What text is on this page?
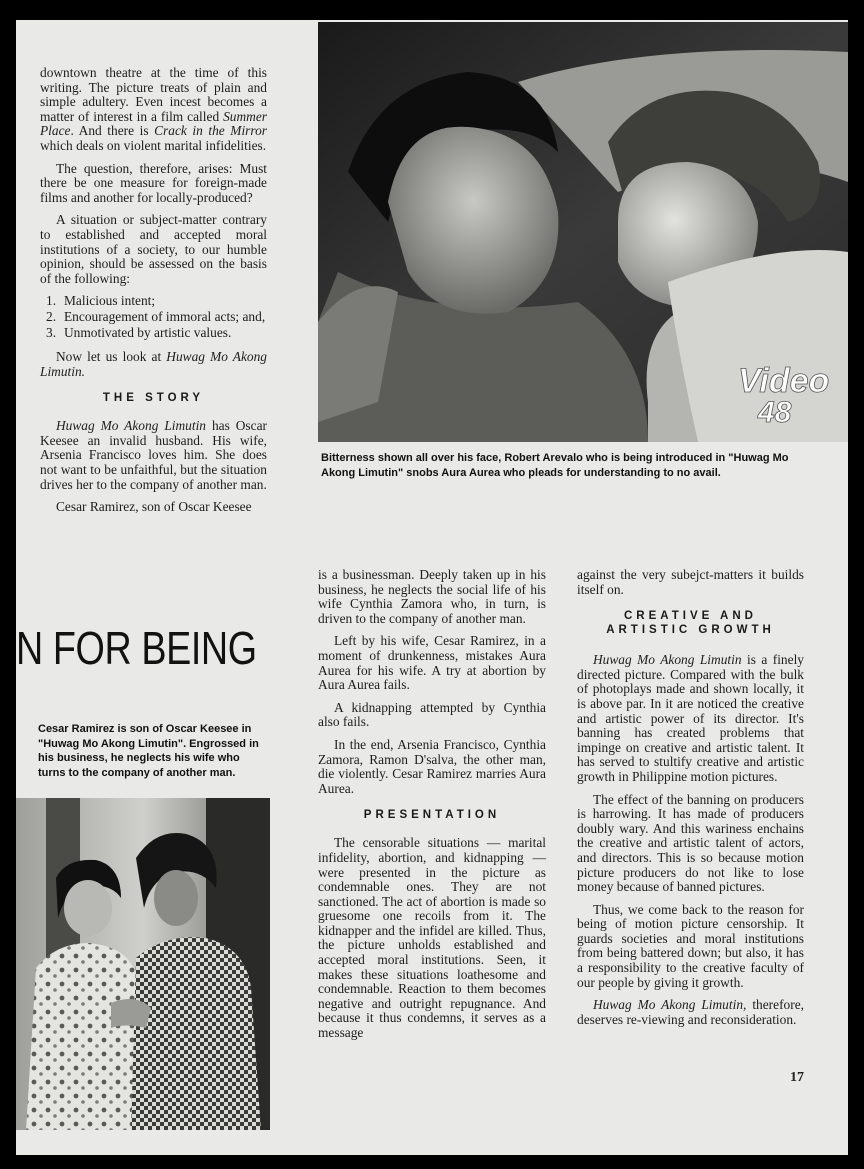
downtown theatre at the time of this writing. The picture treats of plain and simple adultery. Even incest becomes a matter of interest in a film called Summer Place. And there is Crack in the Mirror which deals on violent marital infidelities.

The question, therefore, arises: Must there be one measure for foreign-made films and another for locally-produced?

A situation or subject-matter contrary to established and accepted moral institutions of a society, to our humble opinion, should be assessed on the basis of the following:

1. Malicious intent;
2. Encouragement of immoral acts; and,
3. Unmotivated by artistic values.

Now let us look at Huwag Mo Akong Limutin.

THE STORY

Huwag Mo Akong Limutin has Oscar Keesee an invalid husband. His wife, Arsenia Francisco loves him. She does not want to be unfaithful, but the situation drives her to the company of another man.

Cesar Ramirez, son of Oscar Keesee

Video
48
Bitterness shown all over his face, Robert Arevalo who is being introduced in "Huwag Mo Akong Limutin" snobs Aura Aurea who pleads for understanding to no avail.
N FOR BEING
Cesar Ramirez is son of Oscar Keesee in "Huwag Mo Akong Limutin". Engrossed in his business, he neglects his wife who turns to the company of another man.

is a businessman. Deeply taken up in his business, he neglects the social life of his wife Cynthia Zamora who, in turn, is driven to the company of another man.

Left by his wife, Cesar Ramirez, in a moment of drunkenness, mistakes Aura Aurea for his wife. A try at abortion by Aura Aurea fails.

A kidnapping attempted by Cynthia also fails.

In the end, Arsenia Francisco, Cynthia Zamora, Ramon D'salva, the other man, die violently. Cesar Ramirez marries Aura Aurea.

PRESENTATION

The censorable situations — marital infidelity, abortion, and kidnapping — were presented in the picture as condemnable ones. They are not sanctioned. The act of abortion is made so gruesome one recoils from it. The kidnapper and the infidel are killed. Thus, the picture unholds established and accepted moral institutions. Seen, it makes these situations loathesome and condemnable. Reaction to them becomes negative and outright repugnance. And because it thus condemns, it serves as a message

against the very subejct-matters it builds itself on.

CREATIVE AND
ARTISTIC GROWTH

Huwag Mo Akong Limutin is a finely directed picture. Compared with the bulk of photoplays made and shown locally, it is above par. In it are noticed the creative and artistic power of its director. It's banning has created problems that impinge on creative and artistic talent. It has served to stultify creative and artistic growth in Philippine motion pictures.

The effect of the banning on producers is harrowing. It has made of producers doubly wary. And this wariness enchains the creative and artistic talent of actors, and directors. This is so because motion picture producers do not like to lose money because of banned pictures.

Thus, we come back to the reason for being of motion picture censorship. It guards societies and moral institutions from being battered down; but also, it has a responsibility to the creative faculty of our people by giving it growth.

Huwag Mo Akong Limutin, therefore, deserves re-viewing and reconsideration.

17
